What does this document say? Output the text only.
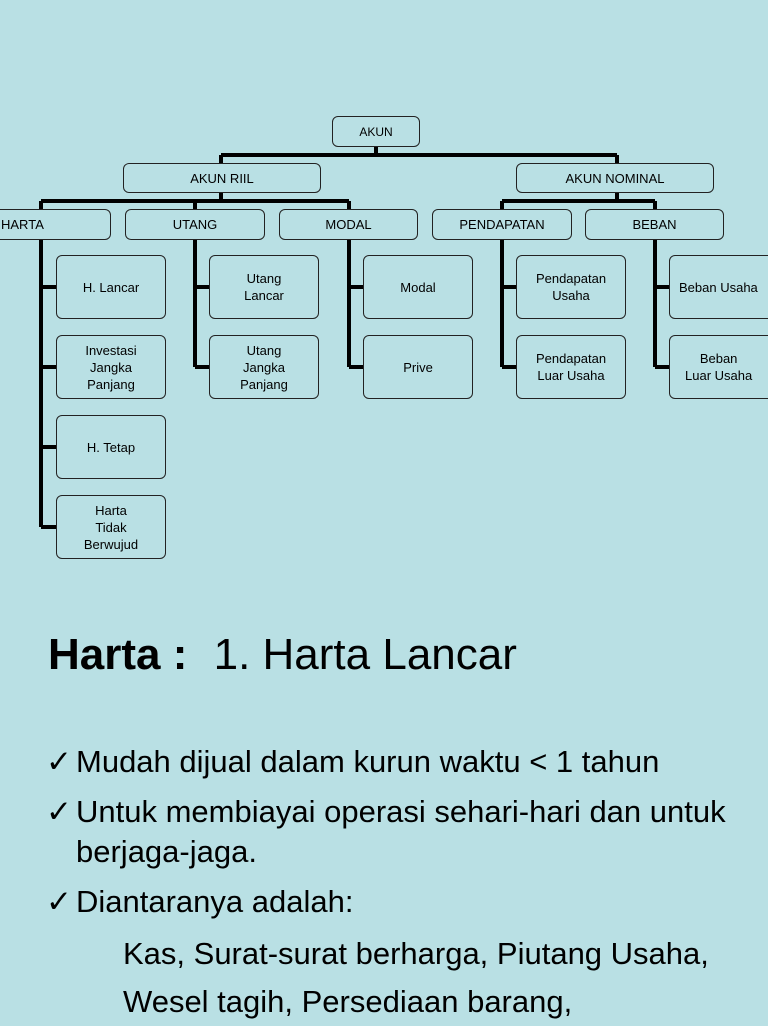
AKUN
AKUN RIIL	AKUN NOMINAL
HARTA	UTANG	MODAL	PENDAPATAN	BEBAN
H. Lancar
Investasi
Jangka
Panjang
H. Tetap
Harta
Tidak
Berwujud
Utang
Lancar
Utang
Jangka
Panjang
Modal
Prive
Pendapatan
Usaha
Pendapatan
Luar Usaha
Beban Usaha
Beban
Luar Usaha
Harta : 1. Harta Lancar
✓ Mudah dijual dalam kurun waktu < 1 tahun
✓ Untuk membiayai operasi sehari-hari dan untuk berjaga-jaga.
✓ Diantaranya adalah:
Kas, Surat-surat berharga, Piutang Usaha, Wesel tagih, Persediaan barang,
